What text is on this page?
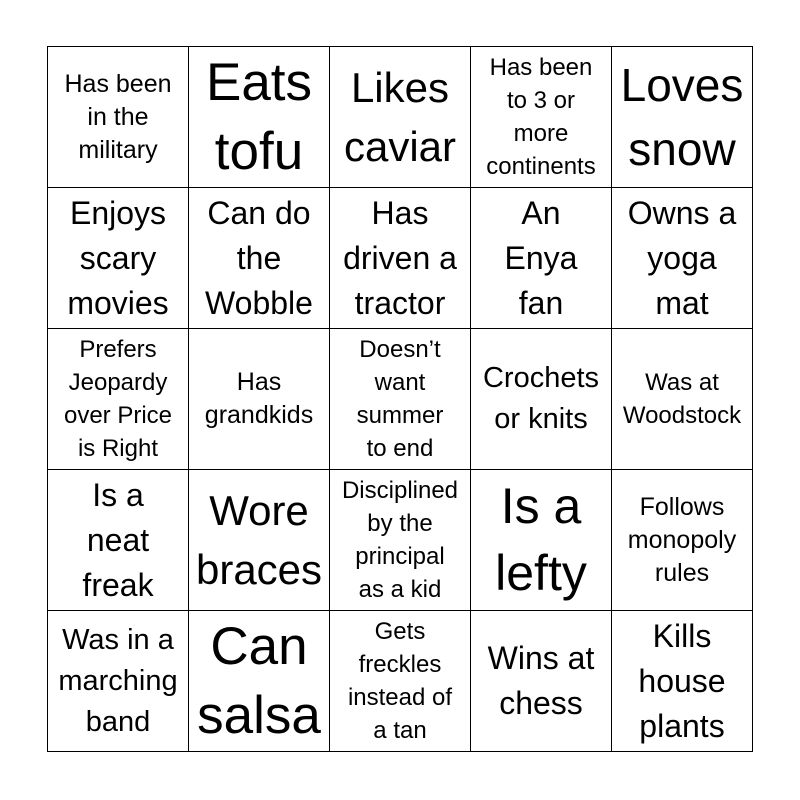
Has been
in the
military
Eats
tofu
Likes
caviar
Has been
to 3 or
more
continents
Loves
snow
Enjoys
scary
movies
Can do
the
Wobble
Has
driven a
tractor
An
Enya
fan
Owns a
yoga
mat
Prefers
Jeopardy
over Price
is Right
Has
grandkids
Doesn’t
want
summer
to end
Crochets
or knits
Was at
Woodstock
Is a
neat
freak
Wore
braces
Disciplined
by the
principal
as a kid
Is a
lefty
Follows
monopoly
rules
Was in a
marching
band
Can
salsa
Gets
freckles
instead of
a tan
Wins at
chess
Kills
house
plants
